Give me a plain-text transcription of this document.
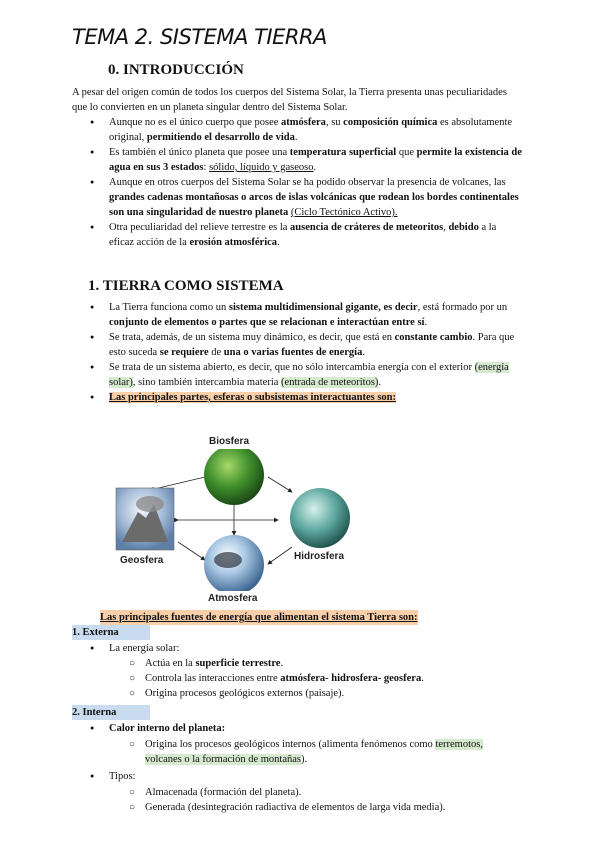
TEMA 2. SISTEMA TIERRA
0. INTRODUCCIÓN
A pesar del origen común de todos los cuerpos del Sistema Solar, la Tierra presenta unas peculiaridades que lo convierten en un planeta singular dentro del Sistema Solar.
● Aunque no es el único cuerpo que posee atmósfera, su composición química es absolutamente original, permitiendo el desarrollo de vida.
● Es también el único planeta que posee una temperatura superficial que permite la existencia de agua en sus 3 estados: sólido, líquido y gaseoso.
● Aunque en otros cuerpos del Sistema Solar se ha podido observar la presencia de volcanes, las grandes cadenas montañosas o arcos de islas volcánicas que rodean los bordes continentales son una singularidad de nuestro planeta (Ciclo Tectónico Activo).
● Otra peculiaridad del relieve terrestre es la ausencia de cráteres de meteoritos, debido a la eficaz acción de la erosión atmosférica.
1. TIERRA COMO SISTEMA
● La Tierra funciona como un sistema multidimensional gigante, es decir, está formado por un conjunto de elementos o partes que se relacionan e interactúan entre sí.
● Se trata, además, de un sistema muy dinámico, es decir, que está en constante cambio. Para que esto suceda se requiere de una o varias fuentes de energía.
● Se trata de un sistema abierto, es decir, que no sólo intercambia energía con el exterior (energía solar), sino también intercambia materia (entrada de meteoritos).
● Las principales partes, esferas o subsistemas interactuantes son:
Biosfera
Geosfera	Hidrosfera
Atmosfera
Las principales fuentes de energía que alimentan el sistema Tierra son:
1. Externa
● La energía solar:
○ Actúa en la superficie terrestre.
○ Controla las interacciones entre atmósfera- hidrosfera- geosfera.
○ Origina procesos geológicos externos (paisaje).
2. Interna
● Calor interno del planeta:
○ Origina los procesos geológicos internos (alimenta fenómenos como terremotos, volcanes o la formación de montañas).
● Tipos:
○ Almacenada (formación del planeta).
○ Generada (desintegración radiactiva de elementos de larga vida media).
